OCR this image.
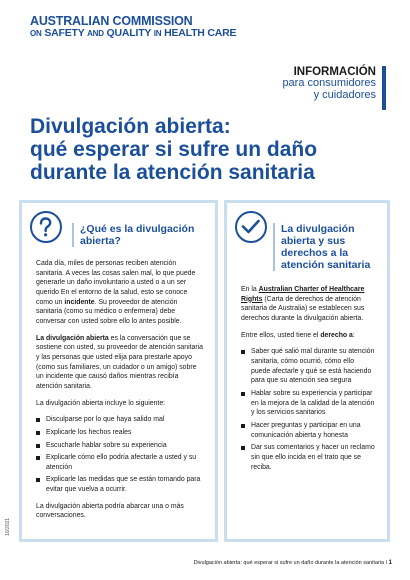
AUSTRALIAN COMMISSION
ON SAFETY AND QUALITY IN HEALTH CARE
INFORMACIÓN
para consumidores
y cuidadores
Divulgación abierta:
qué esperar si sufre un daño
durante la atención sanitaria
¿Qué es la divulgación abierta?

Cada día, miles de personas reciben atención sanitaria. A veces las cosas salen mal, lo que puede generarle un daño involuntario a usted o a un ser querido En el entorno de la salud, esto se conoce como un incidente. Su proveedor de atención sanitaria (como su médico o enfermera) debe conversar con usted sobre ello lo antes posible.

La divulgación abierta es la conversación que se sostiene con usted, su proveedor de atención sanitaria y las personas que usted elija para prestarle apoyo (como sus familiares, un cuidador o un amigo) sobre un incidente que causó daños mientras recibía atención sanitaria.

La divulgación abierta incluye lo siguiente:

Disculparse por lo que haya salido mal
Explicarle los hechos reales
Escucharle hablar sobre su experiencia
Explicarle cómo ello podría afectarle a usted y su atención
Explicarle las medidas que se están tomando para evitar que vuelva a ocurrir.

La divulgación abierta podría abarcar una o más conversaciones.

La divulgación abierta y sus derechos a la atención sanitaria

En la Australian Charter of Healthcare Rights (Carta de derechos de atención sanitaria de Australia) se establecen sus derechos durante la divulgación abierta.

Entre ellos, usted tiene el derecho a:

Saber qué salió mal durante su atención sanitaria, cómo ocurrió, cómo ello puede afectarle y qué se está haciendo para que su atención sea segura
Hablar sobre su experiencia y participar en la mejora de la calidad de la atención y los servicios sanitarios
Hacer preguntas y participar en una comunicación abierta y honesta
Dar sus comentarios y hacer un reclamo sin que ello incida en el trato que se reciba.
10/2021
Divulgación abierta: qué esperar si sufre un daño durante la atención sanitaria I 1
